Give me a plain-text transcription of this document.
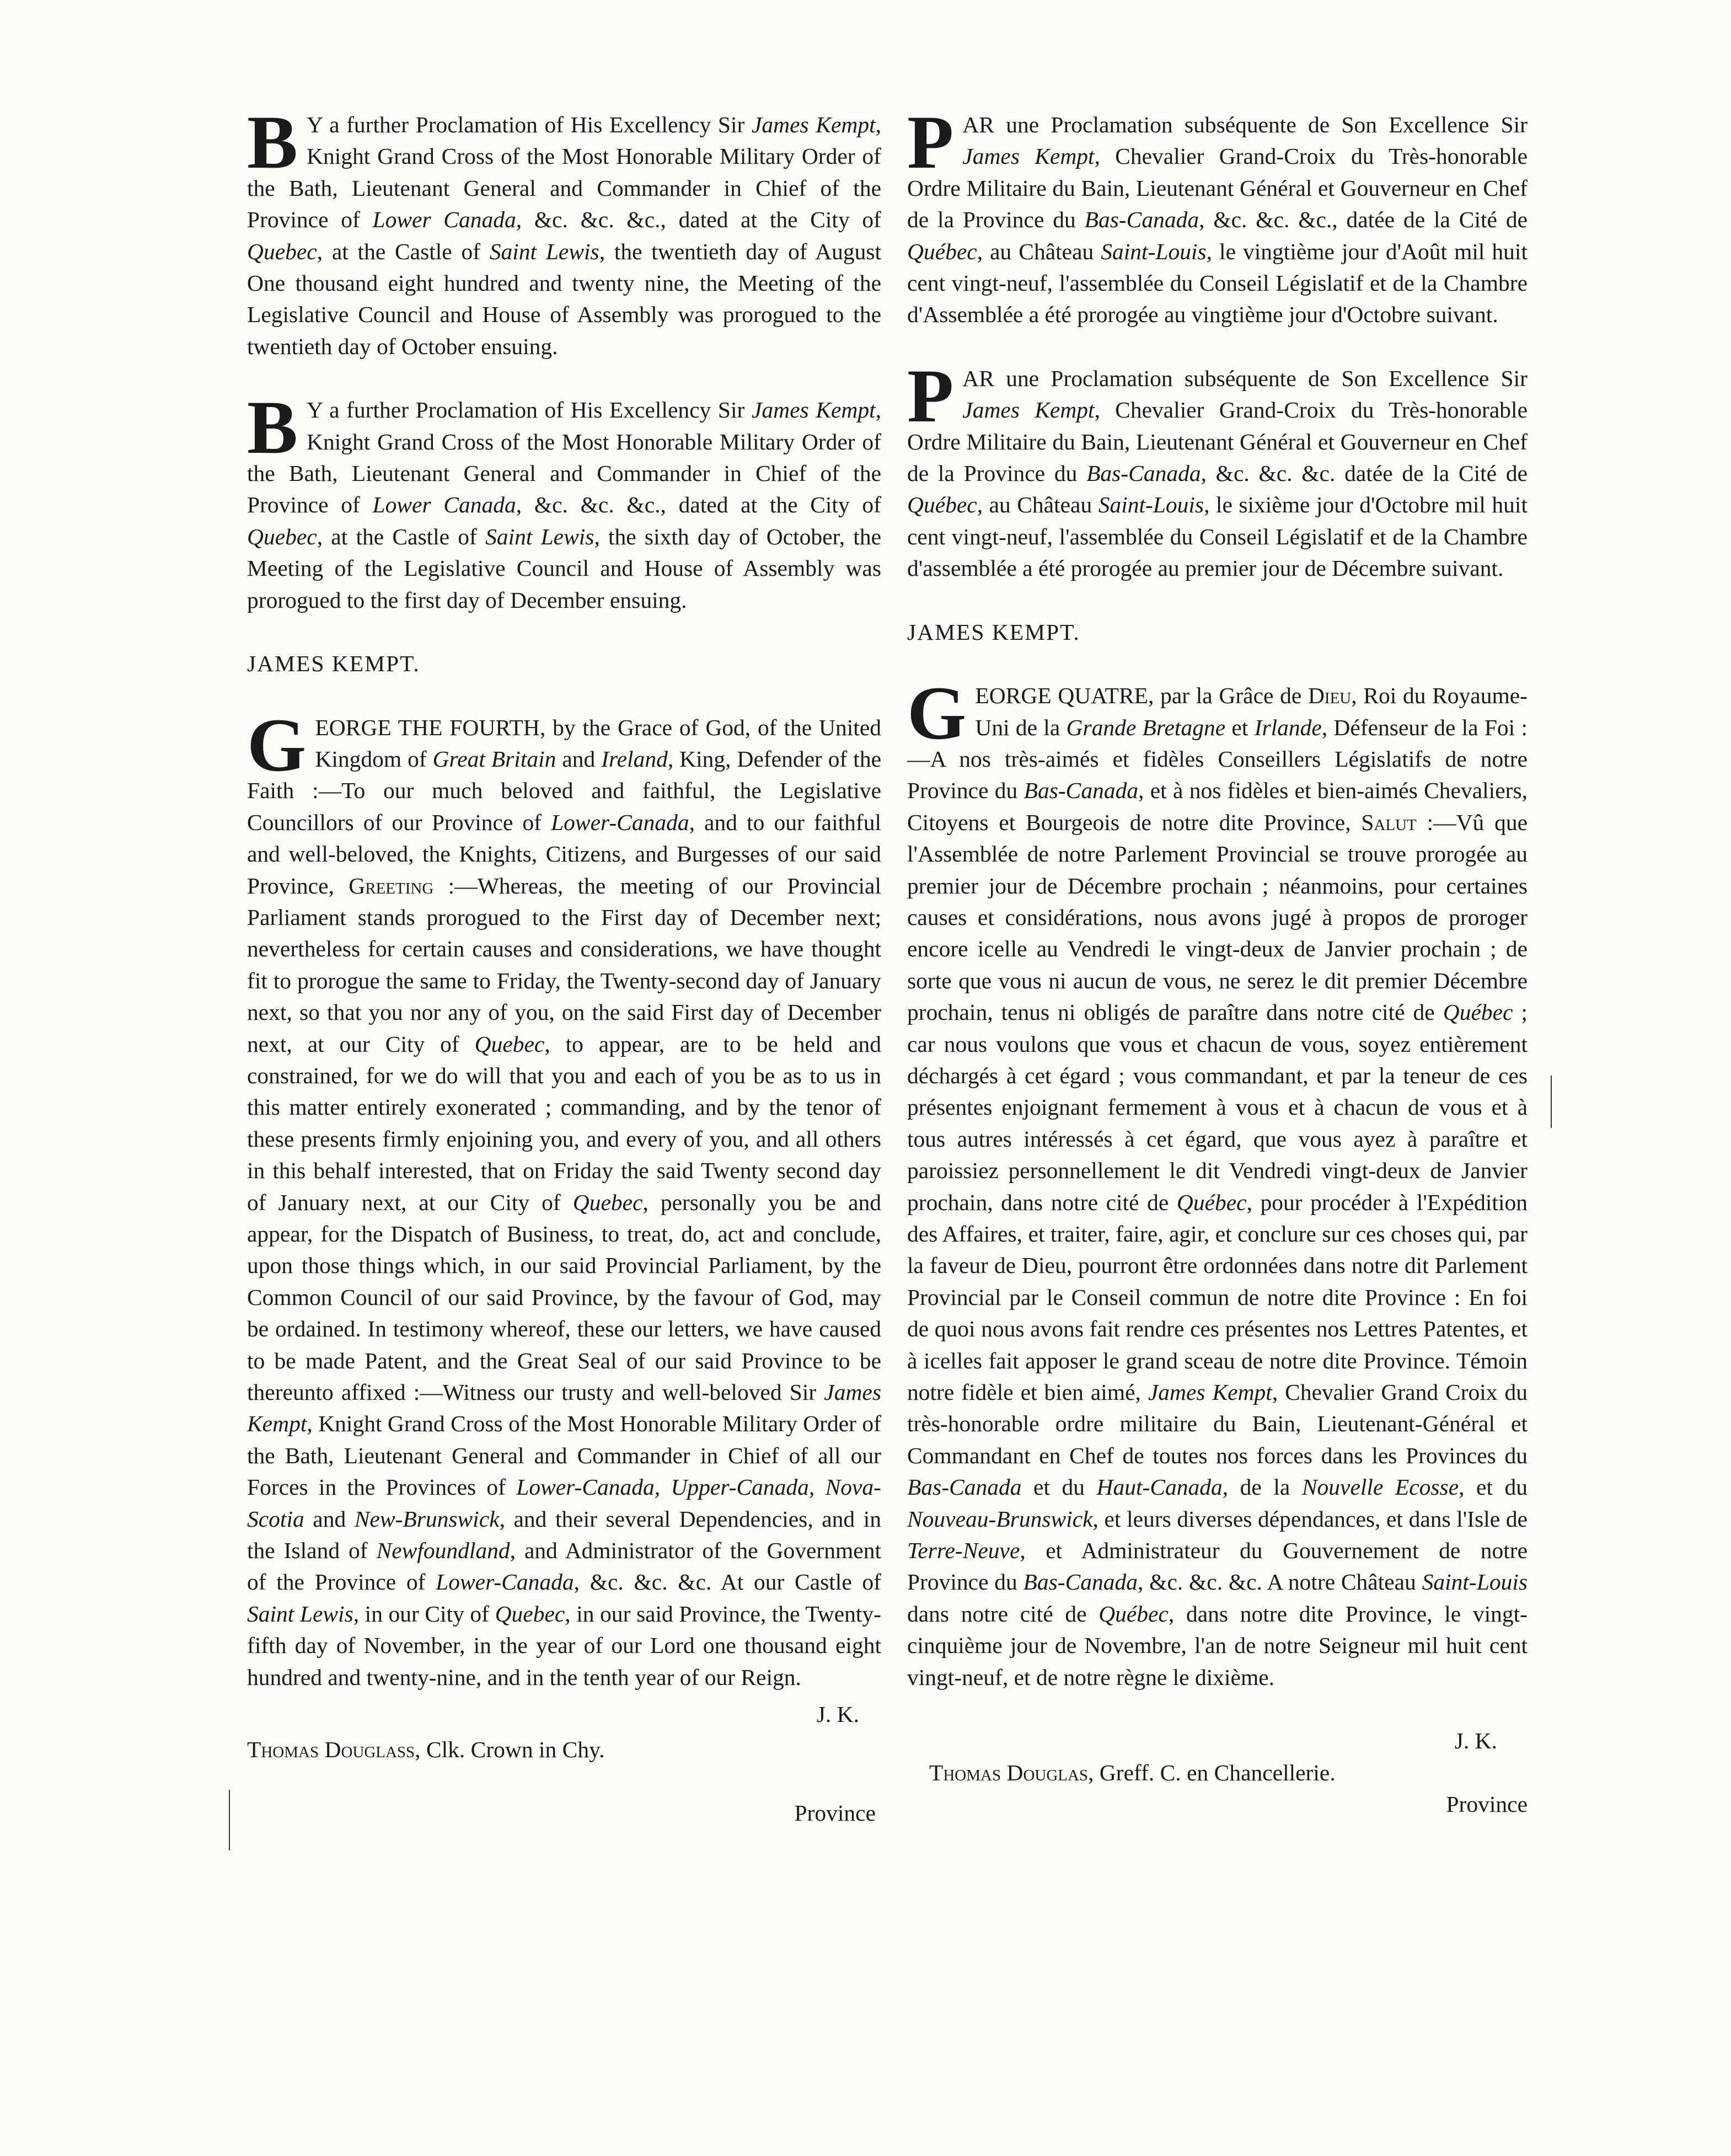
B Y a further Proclamation of His Excellency Sir James Kempt, Knight Grand Cross of the Most Honorable Military Order of the Bath, Lieutenant General and Commander in Chief of the Province of Lower Canada, &c. &c. &c., dated at the City of Quebec, at the Castle of Saint Lewis, the twentieth day of August One thousand eight hundred and twenty nine, the Meeting of the Legislative Council and House of Assembly was prorogued to the twentieth day of October ensuing.

B Y a further Proclamation of His Excellency Sir James Kempt, Knight Grand Cross of the Most Honorable Military Order of the Bath, Lieutenant General and Commander in Chief of the Province of Lower Canada, &c. &c. &c., dated at the City of Quebec, at the Castle of Saint Lewis, the sixth day of October, the Meeting of the Legislative Council and House of Assembly was prorogued to the first day of December ensuing.

JAMES KEMPT.

GEORGE THE FOURTH, by the Grace of God, of the United Kingdom of Great Britain and Ireland, King, Defender of the Faith :—To our much beloved and faithful, the Legislative Councillors of our Province of Lower-Canada, and to our faithful and well-beloved, the Knights, Citizens, and Burgesses of our said Province, Greeting :—Whereas, the meeting of our Provincial Parliament stands prorogued to the First day of December next; nevertheless for certain causes and considerations, we have thought fit to prorogue the same to Friday, the Twenty-second day of January next, so that you nor any of you, on the said First day of December next, at our City of Quebec, to appear, are to be held and constrained, for we do will that you and each of you be as to us in this matter entirely exonerated ; commanding, and by the tenor of these presents firmly enjoining you, and every of you, and all others in this behalf interested, that on Friday the said Twenty second day of January next, at our City of Quebec, personally you be and appear, for the Dispatch of Business, to treat, do, act and conclude, upon those things which, in our said Provincial Parliament, by the Common Council of our said Province, by the favour of God, may be ordained. In testimony whereof, these our letters, we have caused to be made Patent, and the Great Seal of our said Province to be thereunto affixed :—Witness our trusty and well-beloved Sir James Kempt, Knight Grand Cross of the Most Honorable Military Order of the Bath, Lieutenant General and Commander in Chief of all our Forces in the Provinces of Lower-Canada, Upper-Canada, Nova-Scotia and New-Brunswick, and their several Dependencies, and in the Island of Newfoundland, and Administrator of the Government of the Province of Lower-Canada, &c. &c. &c. At our Castle of Saint Lewis, in our City of Quebec, in our said Province, the Twenty-fifth day of November, in the year of our Lord one thousand eight hundred and twenty-nine, and in the tenth year of our Reign.

J. K.
Thomas Douglass, Clk. Crown in Chy.
Province

PAR une Proclamation subséquente de Son Excellence Sir James Kempt, Chevalier Grand-Croix du Très-honorable Ordre Militaire du Bain, Lieutenant Général et Gouverneur en Chef de la Province du Bas-Canada, &c. &c. &c., datée de la Cité de Québec, au Château Saint-Louis, le vingtième jour d'Août mil huit cent vingt-neuf, l'assemblée du Conseil Législatif et de la Chambre d'Assemblée a été prorogée au vingtième jour d'Octobre suivant.

PAR une Proclamation subséquente de Son Excellence Sir James Kempt, Chevalier Grand-Croix du Très-honorable Ordre Militaire du Bain, Lieutenant Général et Gouverneur en Chef de la Province du Bas-Canada, &c. &c. &c. datée de la Cité de Québec, au Château Saint-Louis, le sixième jour d'Octobre mil huit cent vingt-neuf, l'assemblée du Conseil Législatif et de la Chambre d'assemblée a été prorogée au premier jour de Décembre suivant.

JAMES KEMPT.

GEORGE QUATRE, par la Grâce de Dieu, Roi du Royaume-Uni de la Grande Bretagne et Irlande, Défenseur de la Foi :—A nos très-aimés et fidèles Conseillers Législatifs de notre Province du Bas-Canada, et à nos fidèles et bien-aimés Chevaliers, Citoyens et Bourgeois de notre dite Province, Salut :—Vû que l'Assemblée de notre Parlement Provincial se trouve prorogée au premier jour de Décembre prochain ; néanmoins, pour certaines causes et considérations, nous avons jugé à propos de proroger encore icelle au Vendredi le vingt-deux de Janvier prochain ; de sorte que vous ni aucun de vous, ne serez le dit premier Décembre prochain, tenus ni obligés de paraître dans notre cité de Québec ; car nous voulons que vous et chacun de vous, soyez entièrement déchargés à cet égard ; vous commandant, et par la teneur de ces présentes enjoignant fermement à vous et à chacun de vous et à tous autres intéressés à cet égard, que vous ayez à paraître et paroissiez personnellement le dit Vendredi vingt-deux de Janvier prochain, dans notre cité de Québec, pour procéder à l'Expédition des Affaires, et traiter, faire, agir, et conclure sur ces choses qui, par la faveur de Dieu, pourront être ordonnées dans notre dit Parlement Provincial par le Conseil commun de notre dite Province : En foi de quoi nous avons fait rendre ces présentes nos Lettres Patentes, et à icelles fait apposer le grand sceau de notre dite Province. Témoin notre fidèle et bien aimé, James Kempt, Chevalier Grand Croix du très-honorable ordre militaire du Bain, Lieutenant-Général et Commandant en Chef de toutes nos forces dans les Provinces du Bas-Canada et du Haut-Canada, de la Nouvelle Ecosse, et du Nouveau-Brunswick, et leurs diverses dépendances, et dans l'Isle de Terre-Neuve, et Administrateur du Gouvernement de notre Province du Bas-Canada, &c. &c. &c. A notre Château Saint-Louis dans notre cité de Québec, dans notre dite Province, le vingt-cinquième jour de Novembre, l'an de notre Seigneur mil huit cent vingt-neuf, et de notre règne le dixième.

J. K.
Thomas Douglas, Greff. C. en Chancellerie.
Province
